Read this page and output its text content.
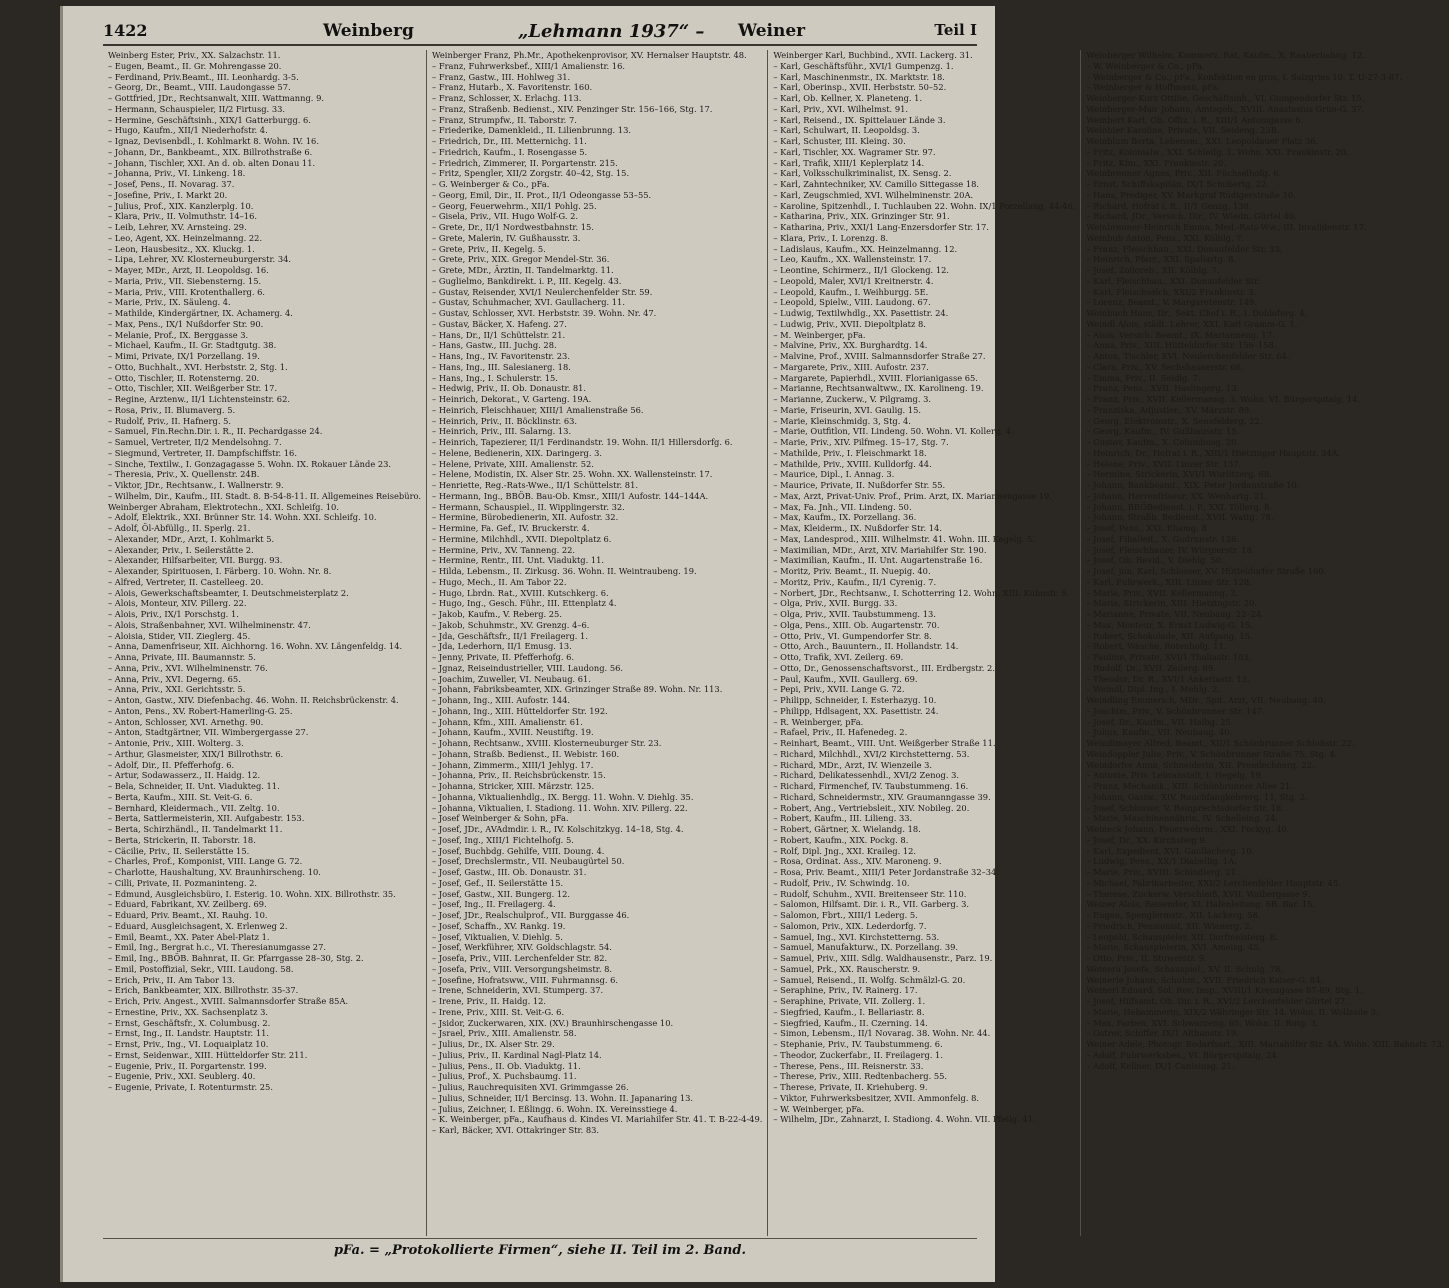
1422	Weinberg	„Lehmann 1937“ – Weiner	Teil I
Weinberg Ester, Priv., XX. Salzachstr. 11.
– Eugen, Beamt., II. Gr. Mohrengasse 20.
– Ferdinand, Priv.Beamt., III. Leonhardg. 3-5.
– Georg, Dr., Beamt., VIII. Laudongasse 57.
– Gottfried, JDr., Rechtsanwalt, XIII. Wattmanng. 9.
– Hermann, Schauspieler, II/2 Firtusg. 33.
– Hermine, Geschäftsinh., XIX/1 Gatterburgg. 6.
– Hugo, Kaufm., XII/1 Niederhofstr. 4.
– Ignaz, Devisenbdl., I. Kohlmarkt 8. Wohn. IV. 16.
– Johann, Dr., Bankbeamt., XIX. Billrothstraße 6.
– Johann, Tischler, XXI. An d. ob. alten Donau 11.
– Johanna, Priv., VI. Linkeng. 18.
– Josef, Pens., II. Novarag. 37.
– Josefine, Priv., I. Markt 20.
– Julius, Prof., XIX. Kanzlerplg. 10.
– Klara, Priv., II. Volmuthstr. 14–16.
– Leib, Lehrer, XV. Arnsteing. 29.
– Leo, Agent, XX. Heinzelmanng. 22.
– Leon, Hausbesitz., XX. Kluckg. 1.
– Lipa, Lehrer, XV. Klosterneuburgerstr. 34.
– Mayer, MDr., Arzt, II. Leopoldsg. 16.
– Maria, Priv., VII. Siebensterng. 15.
– Maria, Priv., VIII. Krotenthallerg. 6.
– Marie, Priv., IX. Säuleng. 4.
– Mathilde, Kindergärtner, IX. Achamerg. 4.
– Max, Pens., IX/1 Nußdorfer Str. 90.
– Melanie, Prof., IX. Berggasse 3.
– Michael, Kaufm., II. Gr. Stadtgutg. 38.
– Mimi, Private, IX/1 Porzellang. 19.
– Otto, Buchhalt., XVI. Herbststr. 2, Stg. 1.
– Otto, Tischler, II. Rotensterng. 20.
– Otto, Tischler, XII. Weißgerber Str. 17.
– Regine, Arztenw., II/1 Lichtensteinstr. 62.
– Rosa, Priv., II. Blumaverg. 5.
– Rudolf, Priv., II. Hafnerg. 5.
– Samuel, Fin.Rechn.Dir. i. R., II. Pechardgasse 24.
– Samuel, Vertreter, II/2 Mendelsohng. 7.
– Siegmund, Vertreter, II. Dampfschiffstr. 16.
– Sinche, Textilw., I. Gonzagagasse 5. Wohn. IX. Rokauer Lände 23.
– Theresia, Priv., X. Quellenstr. 24B.
– Viktor, JDr., Rechtsanw., I. Wallnerstr. 9.
– Wilhelm, Dir., Kaufm., III. Stadt. 8. B-54-8-11. II. Allgemeines Reisebüro.
Weinberger Abraham, Elektrotechn., XXI. Schleifg. 10.
– Adolf, Elektrik., XXI. Brünner Str. 14. Wohn. XXI. Schleifg. 10.
– Adolf, Öl-Abfüllg., II. Sperlg. 21.
– Alexander, MDr., Arzt, I. Kohlmarkt 5.
– Alexander, Priv., I. Seilerstätte 2.
– Alexander, Hilfsarbeiter, VII. Burgg. 93.
– Alexander, Spirituosen, I. Färberg. 10. Wohn. Nr. 8.
– Alfred, Vertreter, II. Castelleeg. 20.
– Alois, Gewerkschaftsbeamter, I. Deutschmeisterplatz 2.
– Alois, Monteur, XIV. Pillerg. 22.
– Alois, Priv., IX/1 Porschstg. 1.
– Alois, Straßenbahner, XVI. Wilhelminenstr. 47.
– Aloisia, Stider, VII. Zieglerg. 45.
– Anna, Damenfriseur, XII. Aichhorng. 16. Wohn. XV. Längenfeldg. 14.
– Anna, Private, III. Baumannstr. 5.
– Anna, Priv., XVI. Wilhelminenstr. 76.
– Anna, Priv., XVI. Degerng. 65.
– Anna, Priv., XXI. Gerichtsstr. 5.
– Anton, Gastw., XIV. Diefenbachg. 46. Wohn. II. Reichsbrückenstr. 4.
– Anton, Pens., XV. Robert-Hamerling-G. 25.
– Anton, Schlosser, XVI. Arnethg. 90.
– Anton, Stadtgärtner, VII. Wimbergergasse 27.
– Antonie, Priv., XIII. Wolterg. 3.
– Arthur, Glasmeister, XIX/1 Billrothstr. 6.
– Adolf, Dir., II. Pfefferhofg. 6.
– Artur, Sodawasserz., II. Haidg. 12.
– Bela, Schneider, II. Unt. Viadukteg. 11.
– Berta, Kaufm., XIII. St. Veit-G. 6.
– Bernhard, Kleidermach., VII. Zeltg. 10.
– Berta, Sattlermeisterin, XII. Aufgabestr. 153.
– Berta, Schirzhändl., II. Tandelmarkt 11.
– Berta, Strickerin, II. Taborstr. 18.
– Cäcilie, Priv., II. Seilerstätte 15.
– Charles, Prof., Komponist, VIII. Lange G. 72.
– Charlotte, Haushaltung, XV. Braunhirscheng. 10.
– Cilli, Private, II. Pozmaninteng. 2.
– Edmund, Ausgleichsbüro, I. Esterig. 10. Wohn. XIX. Billrothstr. 35.
– Eduard, Fabrikant, XV. Zeilberg. 69.
– Eduard, Priv. Beamt., XI. Rauhg. 10.
– Eduard, Ausgleichsagent, X. Erlenweg 2.
– Emil, Beamt., XX. Pater Abel-Platz 1.
– Emil, Ing., Bergrat h.c., VI. Theresianumgasse 27.
– Emil, Ing., BBÖB. Bahnrat, II. Gr. Pfarrgasse 28–30, Stg. 2.
– Emil, Postoffizial, Sekr., VIII. Laudong. 58.
– Erich, Priv., II. Am Tabor 13.
– Erich, Bankbeamter, XIX. Billrothstr. 35-37.
– Erich, Priv. Angest., XVIII. Salmannsdorfer Straße 85A.
– Ernestine, Priv., XX. Sachsenplatz 3.
– Ernst, Geschäftsfr., X. Columbusg. 2.
– Ernst, Ing., II. Landstr. Hauptstr. 11.
– Ernst, Priv., Ing., VI. Loquaiplatz 10.
– Ernst, Seidenwar., XIII. Hütteldorfer Str. 211.
– Eugenie, Priv., II. Porgartenstr. 199.
– Eugenie, Priv., XXI. Seublerg. 40.
– Eugenie, Private, I. Rotenturmstr. 25.
Weinberger Franz, Ph.Mr., Apothekenprovisor, XV. Hernalser Hauptstr. 48.
– Franz, Fuhrwerksbef., XIII/1 Amalienstr. 16.
– Franz, Gastw., III. Hohlweg 31.
– Franz, Hutarb., X. Favoritenstr. 160.
– Franz, Schlosser, X. Erlachg. 113.
– Franz, Straßenb. Bedienst., XIV. Penzinger Str. 156–166, Stg. 17.
– Franz, Strumpfw., II. Taborstr. 7.
– Friederike, Damenkleid., II. Lilienbrunng. 13.
– Friedrich, Dr., III. Metternichg. 11.
– Friedrich, Kaufm., I. Rosengasse 5.
– Friedrich, Zimmerer, II. Porgartenstr. 215.
– Fritz, Spengler, XII/2 Zorgstr. 40–42, Stg. 15.
– G. Weinberger & Co., pFa.
– Georg, Emil, Dir., II. Prot., II/1 Odeongasse 53–55.
– Georg, Feuerwehrm., XII/1 Pohlg. 25.
– Gisela, Priv., VII. Hugo Wolf-G. 2.
– Grete, Dr., II/1 Nordwestbahnstr. 15.
– Grete, Malerin, IV. Gußhausstr. 3.
– Grete, Priv., II. Kegelg. 5.
– Grete, Priv., XIX. Gregor Mendel-Str. 36.
– Grete, MDr., Ärztin, II. Tandelmarktg. 11.
– Guglielmo, Bankdirekt. i. P., III. Kegelg. 43.
– Gustav, Reisender, XVI/1 Neulerchenfelder Str. 59.
– Gustav, Schuhmacher, XVI. Gaullacherg. 11.
– Gustav, Schlosser, XVI. Herbststr. 39. Wohn. Nr. 47.
– Gustav, Bäcker, X. Hafeng. 27.
– Hans, Dr., II/1 Schüttelstr. 21.
– Hans, Gastw., III. Juchg. 28.
– Hans, Ing., IV. Favoritenstr. 23.
– Hans, Ing., III. Salesianerg. 18.
– Hans, Ing., I. Schulerstr. 15.
– Hedwig, Priv., II. Ob. Donaustr. 81.
– Heinrich, Dekorat., V. Garteng. 19A.
– Heinrich, Fleischhauer, XIII/1 Amalienstraße 56.
– Heinrich, Priv., II. Böcklinstr. 63.
– Heinrich, Priv., III. Salarng. 13.
– Heinrich, Tapezierer, II/1 Ferdinandstr. 19. Wohn. II/1 Hillersdorfg. 6.
– Helene, Bedienerin, XIX. Daringerg. 3.
– Helene, Private, XIII. Amalienstr. 52.
– Helene, Modistin, IX. Alser Str. 25. Wohn. XX. Wallensteinstr. 17.
– Henriette, Reg.-Rats-Wwe., II/1 Schüttelstr. 81.
– Hermann, Ing., BBÖB. Bau-Ob. Kmsr., XIII/1 Aufostr. 144–144A.
– Hermann, Schauspiel., II. Wipplingerstr. 32.
– Hermine, Bürobedienerin, XII. Aufostr. 32.
– Hermine, Fa. Gef., IV. Bruckerstr. 4.
– Hermine, Milchhdl., XVII. Diepoltplatz 6.
– Hermine, Priv., XV. Tanneng. 22.
– Hermine, Rentr., III. Unt. Viaduktg. 11.
– Hilda, Lebensm., II. Zirkusg. 36. Wohn. II. Weintraubeng. 19.
– Hugo, Mech., II. Am Tabor 22.
– Hugo, Lbrdn. Rat., XVIII. Kutschkerg. 6.
– Hugo, Ing., Gesch. Führ., III. Ettenplatz 4.
– Jakob, Kaufm., V. Reberg. 25.
– Jakob, Schuhmstr., XV. Grenzg. 4–6.
– Jda, Geschäftsfr., II/1 Freilagerg. 1.
– Jda, Lederhorn, II/1 Emusg. 13.
– Jenny, Private, II. Pfefferhofg. 6.
– Jgnaz, Reiseindustrieller, VIII. Laudong. 56.
– Joachim, Zuweller, VI. Neubaug. 61.
– Johann, Fabriksbeamter, XIX. Grinzinger Straße 89. Wohn. Nr. 113.
– Johann, Ing., XIII. Aufostr. 144.
– Johann, Ing., XIII. Hütteldorfer Str. 192.
– Johann, Kfm., XIII. Amalienstr. 61.
– Johann, Kaufm., XVIII. Neustiftg. 19.
– Johann, Rechtsanw., XVIII. Klosterneuburger Str. 23.
– Johann, Straßb. Bedienst., II. Webistr. 160.
– Johann, Zimmerm., XIII/1 Jehlyg. 17.
– Johanna, Priv., II. Reichsbrückenstr. 15.
– Johanna, Stricker, XIII. Märzstr. 125.
– Johanna, Viktualienhdlg., IX. Bergg. 11. Wohn. V. Diehlg. 35.
– Johanna, Viktualien, I. Stadiong. 11. Wohn. XIV. Pillerg. 22.
– Josef Weinberger & Sohn, pFa.
– Josef, JDr., AVAdmdir. i. R., IV. Kolschitzkyg. 14–18, Stg. 4.
– Josef, Ing., XIII/1 Fichtelhofg. 5.
– Josef, Buchbdg. Gehilfe, VIII. Doung. 4.
– Josef, Drechslermstr., VII. Neubaugürtel 50.
– Josef, Gastw., III. Ob. Donaustr. 31.
– Josef, Gef., II. Seilerstätte 15.
– Josef, Gastw., XII. Bungerg. 12.
– Josef, Ing., II. Freilagerg. 4.
– Josef, JDr., Realschulprof., VII. Burggasse 46.
– Josef, Schaffn., XV. Rankg. 19.
– Josef, Viktualien, V. Diehlg. 5.
– Josef, Werkführer, XIV. Goldschlagstr. 54.
– Josefa, Priv., VIII. Lerchenfelder Str. 82.
– Josefa, Priv., VIII. Versorgungsheimstr. 8.
– Josefine, Hofratsww., VIII. Fuhrmannsg. 6.
– Irene, Schneiderin, XVI. Stumperg. 37.
– Irene, Priv., II. Haidg. 12.
– Irene, Priv., XIII. St. Veit-G. 6.
– Jsidor, Zuckerwaren, XIX. (XV.) Braunhirschengasse 10.
– Jsrael, Priv., XIII. Amalienstr. 58.
– Julius, Dr., IX. Alser Str. 29.
– Julius, Priv., II. Kardinal Nagl-Platz 14.
– Julius, Pens., II. Ob. Viaduktg. 11.
– Julius, Prof., X. Puchsbaumg. 11.
– Julius, Rauchrequisiten XVI. Grimmgasse 26.
– Julius, Schneider, II/1 Bercinsg. 13. Wohn. II. Japanaring 13.
– Julius, Zeichner, I. Eßlingg. 6. Wohn. IX. Vereinsstiege 4.
– K. Weinberger, pFa., Kaufhaus d. Kindes VI. Mariahilfer Str. 41. T. B-22-4-49.
– Karl, Bäcker, XVI. Ottakringer Str. 83.
Weinberger Karl, Buchbind., XVII. Lackerg. 31.
– Karl, Geschäftsführ., XVI/1 Gumpenzg. 1.
– Karl, Maschinenmstr., IX. Marktstr. 18.
– Karl, Oberinsp., XVII. Herbststr. 50–52.
– Karl, Ob. Kellner, X. Planeteng. 1.
– Karl, Priv., XVI. Wilhelmst. 91.
– Karl, Reisend., IX. Spittelauer Lände 3.
– Karl, Schulwart, II. Leopoldsg. 3.
– Karl, Schuster, III. Kleing. 30.
– Karl, Tischler, XX. Wagramer Str. 97.
– Karl, Trafik, XIII/1 Keplerplatz 14.
– Karl, Volksschulkriminalist, IX. Sensg. 2.
– Karl, Zahntechniker, XV. Camillo Sittegasse 18.
– Karl, Zeugschmied, XVI. Wilhelminenstr. 20A.
– Karoline, Spitzenhdl., I. Tuchlauben 22. Wohn. IX/1 Porzellang. 44-46.
– Katharina, Priv., XIX. Grinzinger Str. 91.
– Katharina, Priv., XXI/1 Lang-Enzersdorfer Str. 17.
– Klara, Priv., I. Lorenzg. 8.
– Ladislaus, Kaufm., XX. Heinzelmanng. 12.
– Leo, Kaufm., XX. Wallensteinstr. 17.
– Leontine, Schirmerz., II/1 Glockeng. 12.
– Leopold, Maler, XVI/1 Kreitnerstr. 4.
– Leopold, Kaufm., I. Weihburgg. 5E.
– Leopold, Spielw., VIII. Laudong. 67.
– Ludwig, Textilwhdlg., XX. Pasettistr. 24.
– Ludwig, Priv., XVII. Diepoltplatz 8.
– M. Weinberger, pFa.
– Malvine, Priv., XX. Burghardtg. 14.
– Malvine, Prof., XVIII. Salmannsdorfer Straße 27.
– Margarete, Priv., XIII. Aufostr. 237.
– Margarete, Papierhdl., XVIII. Florianigasse 65.
– Marianne, Rechtsanwaltww., IX. Karolineng. 19.
– Marianne, Zuckerw., V. Pilgramg. 3.
– Marie, Friseurin, XVI. Gaulig. 15.
– Marie, Kleinschmidg. 3, Stg. 4.
– Marie, Outfitlon, VII. Lindeng. 50. Wohn. VI. Kollerg. 4.
– Marie, Priv., XIV. Pilfmeg. 15–17, Stg. 7.
– Mathilde, Priv., I. Fleischmarkt 18.
– Mathilde, Priv., XVIII. Kulldorfg. 44.
– Maurice, Dipl., I. Annag. 3.
– Maurice, Private, II. Nußdorfer Str. 55.
– Max, Arzt, Privat-Univ. Prof., Prim. Arzt, IX. Mariannengasse 19.
– Max, Fa. Jnh., VII. Lindeng. 50.
– Max, Kaufm., IX. Porzellang. 36.
– Max, Kleiderm., IX. Nußdorfer Str. 14.
– Max, Landesprod., XIII. Wilhelmstr. 41. Wohn. III. Kegelg. 5.
– Maximilian, MDr., Arzt, XIV. Mariahilfer Str. 190.
– Maximilian, Kaufm., II. Unt. Augartenstraße 16.
– Moritz, Priv. Beamt., II. Nuepig. 40.
– Moritz, Priv., Kaufm., II/1 Cyrenig. 7.
– Norbert, JDr., Rechtsanw., I. Schotterring 12. Wohn. XIII. Kuhnstr. 5.
– Olga, Priv., XVII. Burgg. 33.
– Olga, Priv., XVII. Taubstummeng. 13.
– Olga, Pens., XIII. Ob. Augartenstr. 70.
– Otto, Priv., VI. Gumpendorfer Str. 8.
– Otto, Arch., Bauuntern., II. Hollandstr. 14.
– Otto, Trafik, XVI. Zeilerg. 69.
– Otto, Dr., Genossenschaftsvorst., III. Erdbergstr. 2.
– Paul, Kaufm., XVII. Gaullerg. 69.
– Pepi, Priv., XVII. Lange G. 72.
– Philipp, Schneider, I. Esterhazyg. 10.
– Philipp, Hdlsagent, XX. Pasettistr. 24.
– R. Weinberger, pFa.
– Rafael, Priv., II. Hafenedeg. 2.
– Reinhart, Beamt., VIII. Unt. Weißgerber Straße 11.
– Richard, Milchhdl., XVI/2 Kirchstetterng. 53.
– Richard, MDr., Arzt, IV. Wienzeile 3.
– Richard, Delikatessenhdl., XVI/2 Zenog. 3.
– Richard, Firmenchef, IV. Taubstummeng. 16.
– Richard, Schneidermstr., XIV. Graumanngasse 39.
– Robert, Ang., Vertriebsleit., XIV. Nobileg. 20.
– Robert, Kaufm., III. Lilieng. 33.
– Robert, Gärtner, X. Wielandg. 18.
– Robert, Kaufm., XIX. Pockg. 8.
– Rolf, Dipl. Jng., XXI. Kraileg. 12.
– Rosa, Ordinat. Ass., XIV. Maroneng. 9.
– Rosa, Priv. Beamt., XIII/1 Peter Jordanstraße 32–34.
– Rudolf, Priv., IV. Schwindg. 10.
– Rudolf, Schuhm., XVII. Breitenseer Str. 110.
– Salomon, Hilfsamt. Dir. i. R., VII. Garberg. 3.
– Salomon, Fbrt., XIII/1 Lederg. 5.
– Salomon, Priv., XIX. Lederdorfg. 7.
– Samuel, Ing., XVI. Kirchstetterng. 53.
– Samuel, Manufakturw., IX. Porzellang. 39.
– Samuel, Priv., XIII. Sdlg. Waldhausenstr., Parz. 19.
– Samuel, Prk., XX. Rauscherstr. 9.
– Samuel, Reisend., II. Wolfg. Schmälzl-G. 20.
– Seraphine, Priv., IV. Rainerg. 17.
– Seraphine, Private, VII. Zollerg. 1.
– Siegfried, Kaufm., I. Bellariastr. 8.
– Siegfried, Kaufm., II. Czerning. 14.
– Simon, Lebensm., II/1 Novarag. 38. Wohn. Nr. 44.
– Stephanie, Priv., IV. Taubstummeng. 6.
– Theodor, Zuckerfabr., II. Freilagerg. 1.
– Therese, Pens., III. Reisnerstr. 33.
– Therese, Priv., XIII. Redtenbacherg. 55.
– Therese, Private, II. Kriehuberg. 9.
– Viktor, Fuhrwerksbesitzer, XVII. Ammonfelg. 8.
– W. Weinberger, pFa.
– Wilhelm, JDr., Zahnarzt, I. Stadiong. 4. Wohn. VII. Pfeilg. 41.
Weinberger Wilhelm, Kommerz. Rat, Kaufm., X. Raaberbahng. 12.
– W. Weinberger & Co., pFa.
– Weinberger & Co., pFa., Konfektion en gros, I. Salzgries 10. T. U-27-3-87.
– Weinberger & Hoffmann, pFa.
Weinberger-Kurz Ottilie, Geschäftsinh., VI. Gumpendorfer Str. 15.
Weinberger-Mair Johann, Amtsgeh., XVIII. Anastasius Grün-G. 37.
Weinbert Karl, Ob. Offiz. i. R., XIII/1 Antonigasse 6.
Weinbier Karoline, Private, VII. Seideng. 23B.
Weinblum Berta, Lebensm., XXI. Leopoldauer Platz 36.
– Fritz, Kolonialw., XXI. Schleifg. 1. Wohn. XXI. Frankinstr. 20.
– Fritz, Kfm., XXI. Frankinstr. 20.
Weinbrenner Agnes, Priv., XII. Füchselhofg. 6.
– Ernst, Schiffskapitän, IX/1 Schubertg. 22.
– Hans, Prediger, XV. Markgraf Rüdigerstraße 10.
– Richard, Hofrat i. R., II/1 Genzg. 138.
– Richard, JDr., Versich. Dir., IV. Wiedn. Gürtel 40.
Weinbrenner-Heinrich Emma, Med.-Rats-Ww., III. Invalidenstr. 17.
Weinbub Anton, Pens., XXI. Kölblg. 7.
– Franz, Fleischhau., XXI. Donaufelder Str. 33.
– Heinrich, Pfarr., XXI. Spallartg. 8.
– Josef, Zolloreb., XII. Kölblg. 7.
– Karl, Fleischhau., XXI. Donaufelder Str.
– Karl, Fleischselch, XXI/2 Frankinstr. 3.
– Lorenz, Beamt., V. Margaretenstr. 149.
Weinbuch Hans, Dr., Sekt. Chef i. R., I. Dobloferg. 4.
Weindl Alois, städt. Lehrer, XXI. Karl Gramm-G. 1.
– Alois, Versich. Beamt., IX. Marianneng. 17.
– Anna, Priv., XIII. Hütteldorfer Str. 156–158.
– Anton, Tischler, XVI. Neulerchenfelder Str. 64.
– Clara, Priv., XV. Sechshauserstr. 66.
– Emma, Priv., II. Seidlg. 7.
– Franz, Pens., XVII. Haslingerg. 13.
– Franz, Priv., XVII. Kellermanng. 3. Wohn. VI. Bürgerspitalg. 14.
– Franziska, Adjustier., XV. Märzstr. 89.
– Georg, Elektromstr., X. Senefelderg. 22.
– Georg, Kaufm., IV. Gußhausstr. 15.
– Gustav, Kaufm., X. Columbusg. 20.
– Heinrich, Dr., Hofrat i. R., XIII/1 Hietzinger Hauptstr. 34A.
– Helene, Priv., XVII. Linzer Str. 137.
– Hermine, Strickerin, XVI/1 Wurlitzerg. 68.
– Johann, Bankbeamt., XIX. Peter Jordanstraße 10.
– Johann, Herrenfriseur, XX. Wenhartg. 21.
– Johann, BBÖBedienst. i. P., XXI. Töllerg. 8.
– Johann, Straßb. Bedienst., XVII. Wattg. 78.
– Josef, Pens., XXI. Ehamg. 8.
– Josef, Filialleit., X. Gudrunstr. 126.
– Josef, Fleischhauer, IV. Würgierstr. 18.
– Josef, Ob. Revid., V. Diehlg. 50.
– Josef, jun. Karl, Schlosser, XV. Hütteldorfer Straße 160.
– Karl, Fuhrwerk., XIII. Linzer Str. 128.
– Maria, Priv., XVII. Kellermanng. 3.
– Maria, Strickerin, XIII. Hietzingstr. 20.
– Marianne, Private, VII. Neubaug. 22–24.
– Max, Monteur, X. Ernst Ludwig-G. 15.
– Robert, Schokolade, XII. Aufgang. 15.
– Robert, Wäsche, Rotenhofg. 11.
– Pauline, Private, XVI/1 Thaliastr. 103.
– Rudolf, Dr., XVII. Zeilerg. 69.
– Theodor, Dr. R., XVI/1 Ankerlastr. 13.
– Weindl, Dipl. Ing., I. Mehlg. 2.
Weindling Emmerich, MDr., Spit. Arzt, VII. Neubaug. 40.
– Joachim, Priv., V. Schönbrunner Str. 147.
– Josef, Dr., Kaufm., VII. Halbg. 25.
– Julius, Kaufm., VII. Neubaug. 40.
Weindlmayer Alfred, Beamt., XII/1 Schönbrunner Schloßstr. 22.
Weindoppler Julie, Priv., V. Schönbrunner Straße 75, Stg. 4.
Weindorfer Anna, Schneiderin, XII. Premlechnerg. 22.
– Antonie, Priv. Lehranstalt, I. Hegelg. 19.
– Franz, Mechanik., XIII. Schönbrunner Allee 21.
– Johann, Gastw., XIV. Rauchfangkehrerg. 11, Stg. 2.
– Josef, Schlosser, V. Reinprechtsdorfer Str. 18.
– Marie, Maschinennährin, IV. Schelleing. 24.
Weineck Johann, Feuerwehrm., XXI. Fockyg. 40.
– Josef, Dr., XX. Kirchsteig 9.
– Karl, Expedient, XVI. Gaullacherg. 10.
– Ludwig, Pens., XX/1 Diabellig. 1A.
– Marie, Priv., XVIII. Schindlerg. 21.
– Michael, Fabrikarbeiter, XXI/2 Lerchenfelder Hauptstr. 45.
– Therese, Zuckerw. Verschleiß, XVII. Waibergasse 9.
Weiner Alois, Reisender, XI. Hafenleiteng. 6B. Bar. 15.
– Eugen, Spenglermstr., XII. Lackerg. 56.
– Friedrich, Pensionist, XII. Wienerg. 2.
– Leopold, Schauspieler, XII. Dorfmeisterg. 8.
– Marie, Schauspielerin, XVI. Ameisg. 45.
– Otto, Priv., II. Stuwerstr. 9.
Weinera Josefa, Schauspiel., XV. II. Schulg. 78.
Weinerle Johann, Schuhm., XVII. Friedrich Kaiser-G. 84.
Weinerl Eduard, Sol. Rev. Insp., XVIII/1 Kreuzgasse 87-89, Stg. 1.
– Josef, Hilfsamt. Ob. Dir. i. R., XVI/2 Lerchenfelder Gürtel 27.
– Marie, Hebammerin, XIX/2 Währinger Str. 14. Wohn. II. Wollzeile 3.
– Max, Farben, XVI. Schwarzeng. 65. Wohn. II. Rotg. 3.
– Ostrer, Schiffer, IX/1 Althanstr. 19.
Weiner Adele, Photogr. Bedarfsart., XIII. Mariahilfer Str. 4A. Wohn. XIII. Bahnstr. 73.
– Adolf, Fuhrwerksbes., VI. Bürgerspitalg. 24.
– Adolf, Kellner, IX/1 Canisiusg. 21.
pFa. = „Protokollierte Firmen“, siehe II. Teil im 2. Band.
